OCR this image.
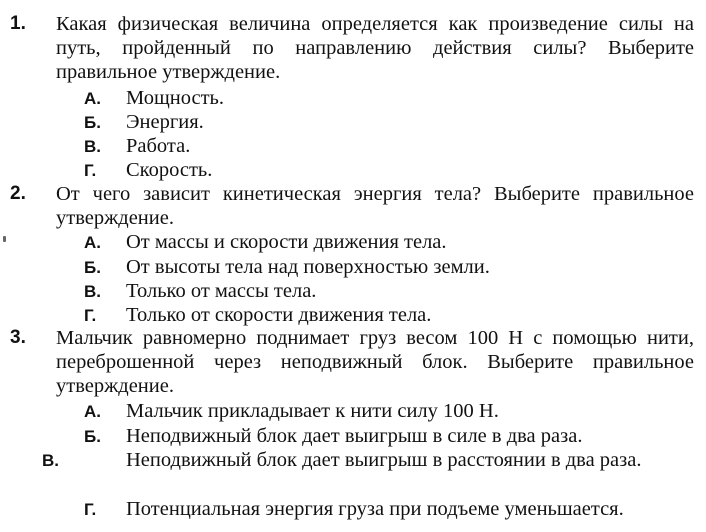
1. Какая физическая величина определяется как произведение силы на путь, пройденный по направлению действия силы? Выберите правильное утверждение.
А. Мощность.
Б. Энергия.
В. Работа.
Г. Скорость.
2. От чего зависит кинетическая энергия тела? Выберите правильное утверждение.
А. От массы и скорости движения тела.
Б. От высоты тела над поверхностью земли.
В. Только от массы тела.
Г. Только от скорости движения тела.
3. Мальчик равномерно поднимает груз весом 100 Н с помощью нити, переброшенной через неподвижный блок. Выберите правильное утверждение.
А. Мальчик прикладывает к нити силу 100 Н.
Б. Неподвижный блок дает выигрыш в силе в два раза.
В.	Неподвижный блок дает выигрыш в расстоянии в два раза.
Г. Потенциальная энергия груза при подъеме уменьшается.
